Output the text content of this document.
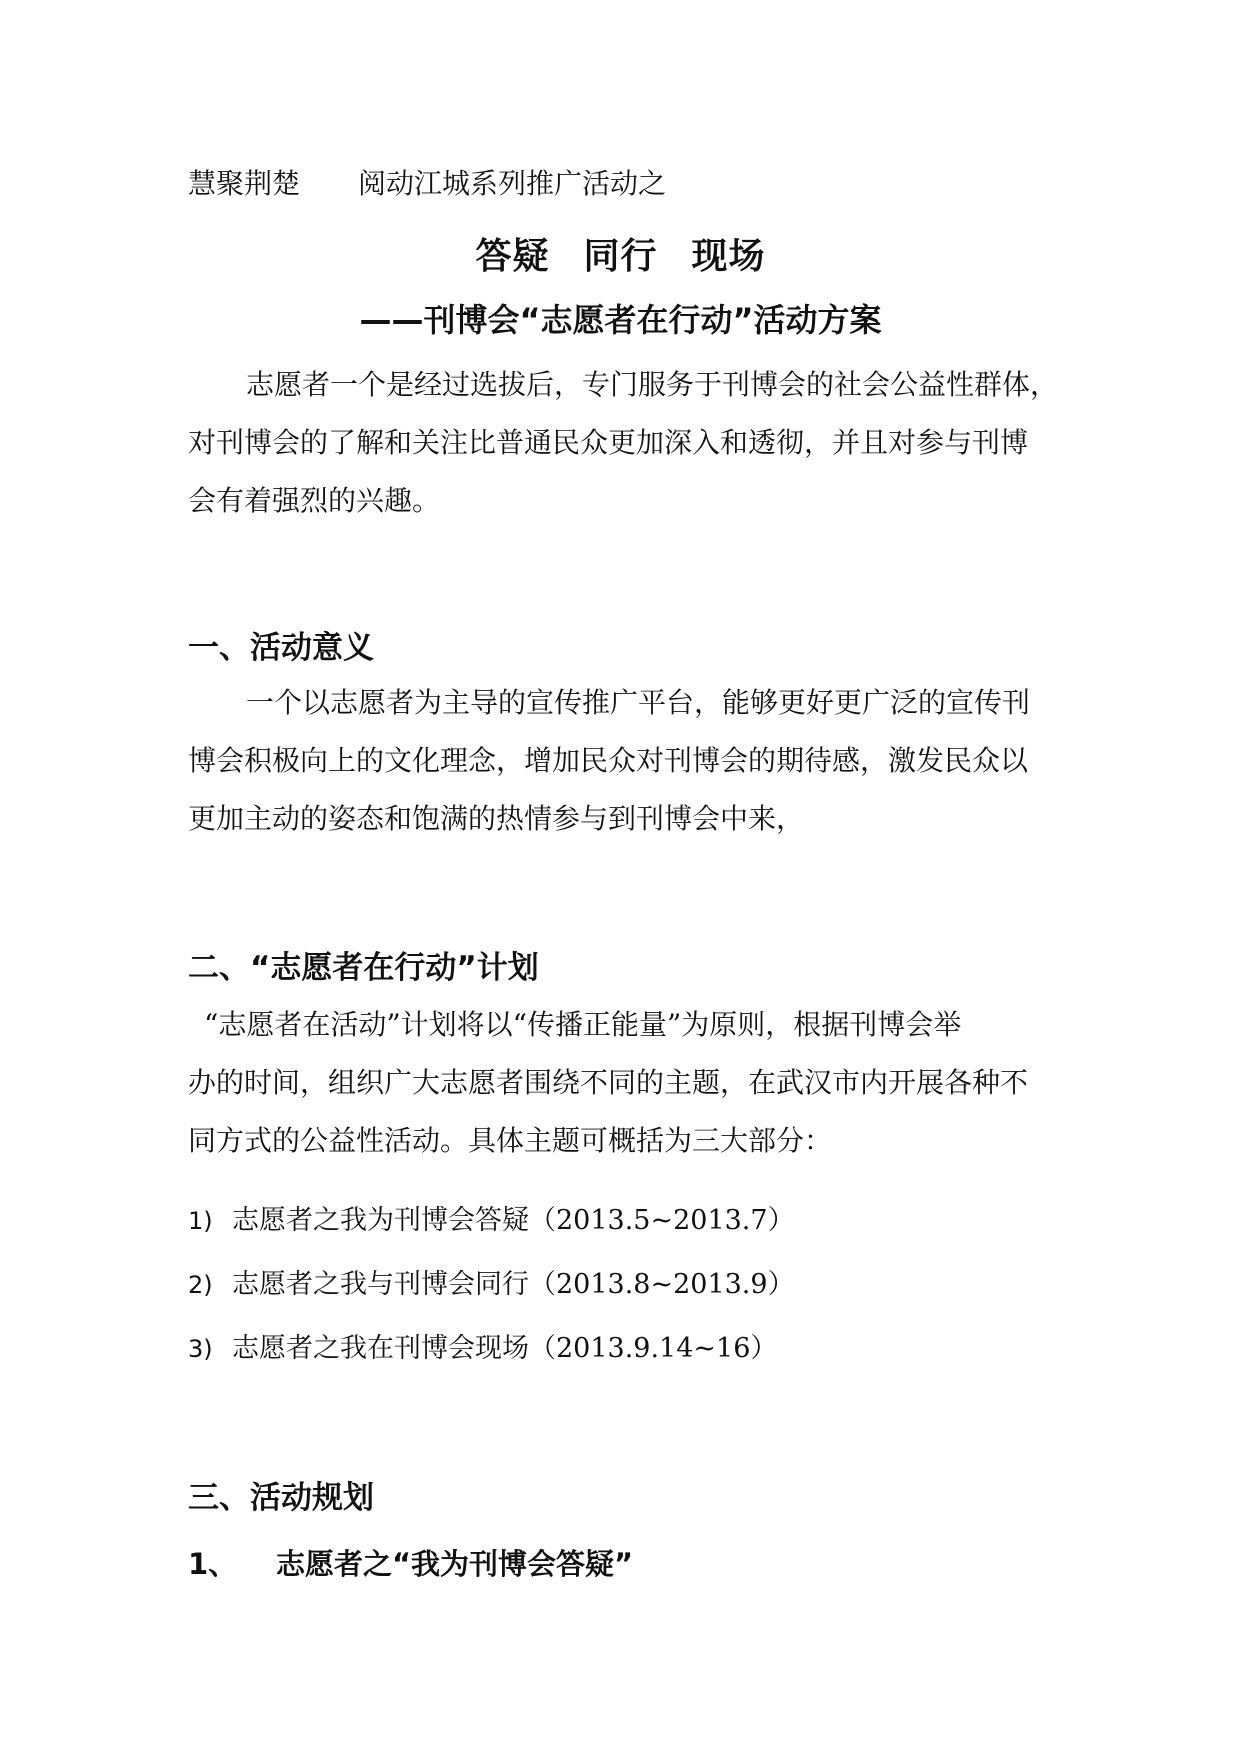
慧聚荆楚 阅动江城系列推广活动之
答疑 同行 现场
——刊博会“志愿者在行动”活动方案
志愿者一个是经过选拔后，专门服务于刊博会的社会公益性群体，
对刊博会的了解和关注比普通民众更加深入和透彻，并且对参与刊博
会有着强烈的兴趣。
一、活动意义
一个以志愿者为主导的宣传推广平台，能够更好更广泛的宣传刊
博会积极向上的文化理念，增加民众对刊博会的期待感，激发民众以
更加主动的姿态和饱满的热情参与到刊博会中来，
二、“志愿者在行动”计划
“志愿者在活动”计划将以“传播正能量”为原则，根据刊博会举
办的时间，组织广大志愿者围绕不同的主题，在武汉市内开展各种不
同方式的公益性活动。具体主题可概括为三大部分：
1) 志愿者之我为刊博会答疑（2013.5~2013.7）
2) 志愿者之我与刊博会同行（2013.8~2013.9）
3) 志愿者之我在刊博会现场（2013.9.14~16）
三、活动规划
1、 志愿者之“我为刊博会答疑”
